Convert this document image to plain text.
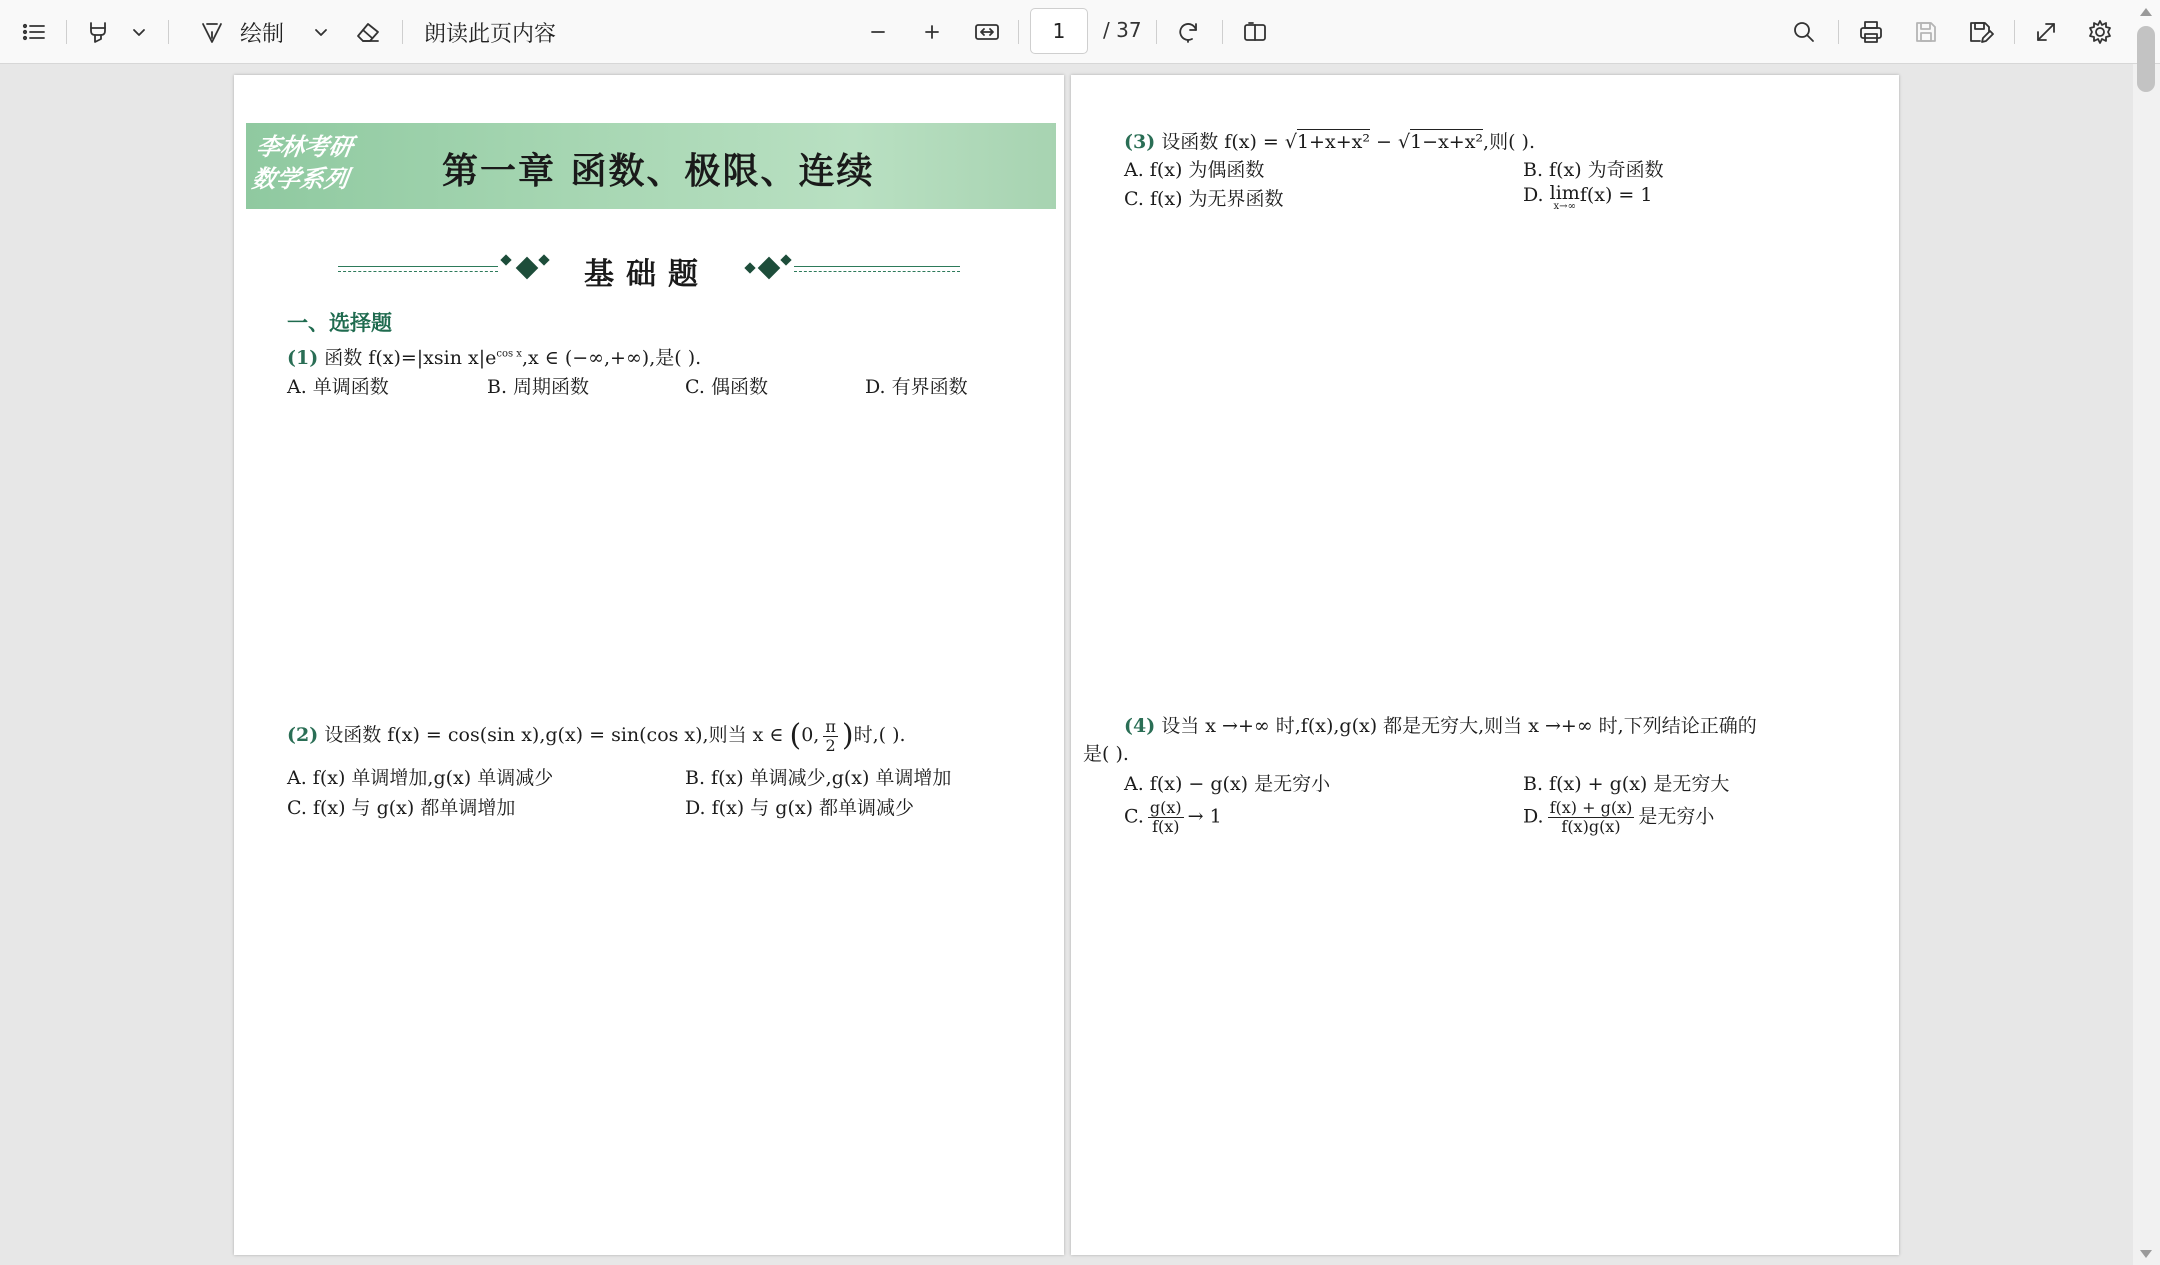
绘制	朗读此页内容	1	/ 37
李林考研
数学系列	第一章 函数、极限、连续
基础题
一、选择题
(1) 函数 f(x)=|xsin $x|e^{cos x},x$ ∈ (−∞,+∞),是( ).
A. 单调函数	B. 周期函数	C. 偶函数	D. 有界函数
(2) 设函数 f(x) = cos(sin x),g(x) = sin(cos x),则当 x ∈ (0, $\frac{\pi}{2}$ )时,( ).
A. f(x) 单调增加,g(x) 单调减少	B. f(x) 单调减少,g(x) 单调增加
C. f(x) 与 g(x) 都单调增加	D. f(x) 与 g(x) 都单调减少
(3) 设函数 f(x) = √1+x+x² − √1−x+x²,则( ).
A. f(x) 为偶函数	B. f(x) 为奇函数
C. f(x) 为无界函数	D. lim
x→∞
f(x) = 1
(4) 设当 x →+∞ 时,f(x),g(x) 都是无穷大,则当 x →+∞ 时,下列结论正确的
是( ).
A. f(x) − g(x) 是无穷小	B. f(x) + g(x) 是无穷大
C. $\frac{g(x)}{f(x)} \to 1$	D. $\frac{f(x) + g(x)}{f(x)g(x)}$ 是无穷小
